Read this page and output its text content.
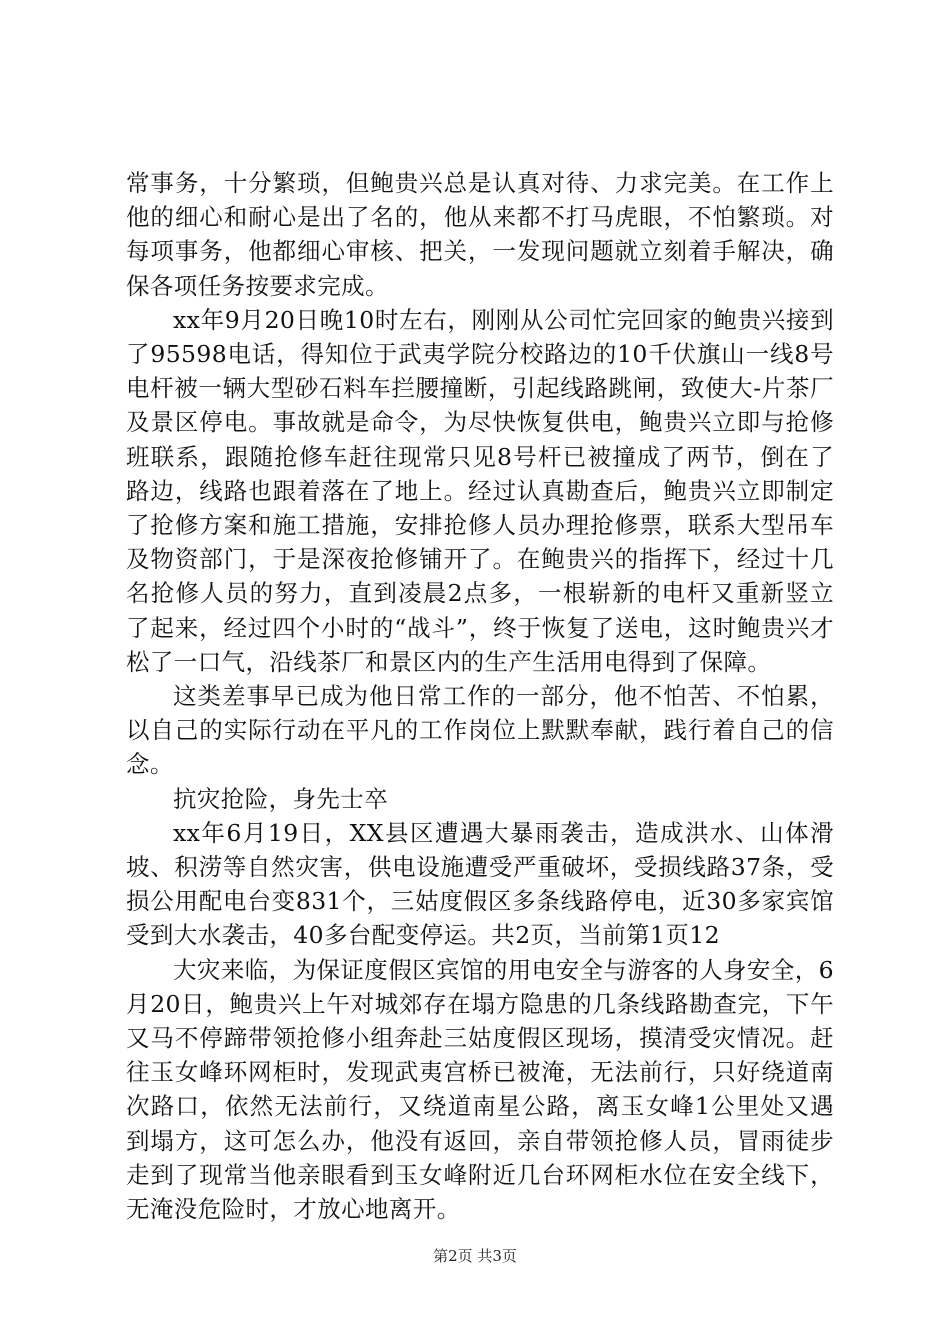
常事务，十分繁琐，但鲍贵兴总是认真对待、力求完美。在工作上他的细心和耐心是出了名的，他从来都不打马虎眼，不怕繁琐。对每项事务，他都细心审核、把关，一发现问题就立刻着手解决，确保各项任务按要求完成。

xx年9月20日晚10时左右，刚刚从公司忙完回家的鲍贵兴接到了95598电话，得知位于武夷学院分校路边的10千伏旗山一线8号电杆被一辆大型砂石料车拦腰撞断，引起线路跳闸，致使大-片茶厂及景区停电。事故就是命令，为尽快恢复供电，鲍贵兴立即与抢修班联系，跟随抢修车赶往现常只见8号杆已被撞成了两节，倒在了路边，线路也跟着落在了地上。经过认真勘查后，鲍贵兴立即制定了抢修方案和施工措施，安排抢修人员办理抢修票，联系大型吊车及物资部门，于是深夜抢修铺开了。在鲍贵兴的指挥下，经过十几名抢修人员的努力，直到凌晨2点多，一根崭新的电杆又重新竖立了起来，经过四个小时的“战斗”，终于恢复了送电，这时鲍贵兴才松了一口气，沿线茶厂和景区内的生产生活用电得到了保障。

这类差事早已成为他日常工作的一部分，他不怕苦、不怕累，以自己的实际行动在平凡的工作岗位上默默奉献，践行着自己的信念。

抗灾抢险，身先士卒

xx年6月19日，XX县区遭遇大暴雨袭击，造成洪水、山体滑坡、积涝等自然灾害，供电设施遭受严重破坏，受损线路37条，受损公用配电台变831个，三姑度假区多条线路停电，近30多家宾馆受到大水袭击，40多台配变停运。共2页，当前第1页12

大灾来临，为保证度假区宾馆的用电安全与游客的人身安全，6月20日，鲍贵兴上午对城郊存在塌方隐患的几条线路勘查完，下午又马不停蹄带领抢修小组奔赴三姑度假区现场，摸清受灾情况。赶往玉女峰环网柜时，发现武夷宫桥已被淹，无法前行，只好绕道南次路口，依然无法前行，又绕道南星公路，离玉女峰1公里处又遇到塌方，这可怎么办，他没有返回，亲自带领抢修人员，冒雨徒步走到了现常当他亲眼看到玉女峰附近几台环网柜水位在安全线下，无淹没危险时，才放心地离开。

第2页 共3页
